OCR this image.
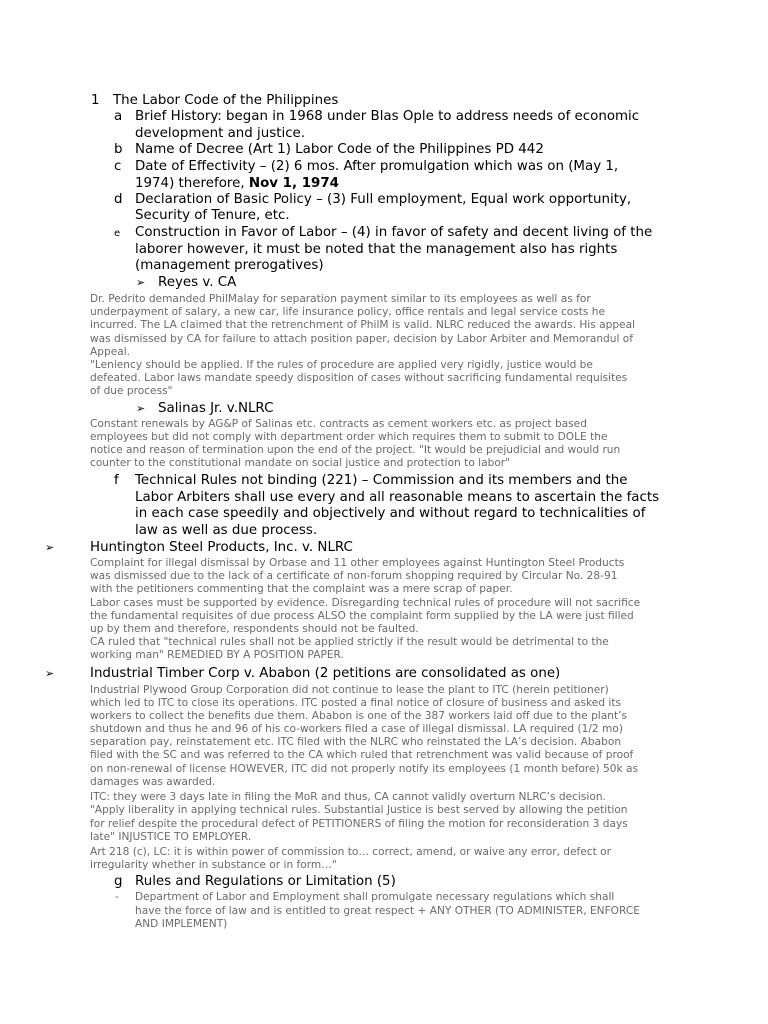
1 The Labor Code of the Philippines
a Brief History: began in 1968 under Blas Ople to address needs of economic
development and justice.
b Name of Decree (Art 1) Labor Code of the Philippines PD 442
c Date of Effectivity – (2) 6 mos. After promulgation which was on (May 1,
1974) therefore, Nov 1, 1974
d Declaration of Basic Policy – (3) Full employment, Equal work opportunity,
Security of Tenure, etc.
e Construction in Favor of Labor – (4) in favor of safety and decent living of the
laborer however, it must be noted that the management also has rights
(management prerogatives)
➢ Reyes v. CA
Dr. Pedrito demanded PhilMalay for separation payment similar to its employees as well as for
underpayment of salary, a new car, life insurance policy, office rentals and legal service costs he
incurred. The LA claimed that the retrenchment of PhilM is valid. NLRC reduced the awards. His appeal
was dismissed by CA for failure to attach position paper, decision by Labor Arbiter and Memorandul of
Appeal.
"Leniency should be applied. If the rules of procedure are applied very rigidly, justice would be
defeated. Labor laws mandate speedy disposition of cases without sacrificing fundamental requisites
of due process"
➢ Salinas Jr. v.NLRC
Constant renewals by AG&P of Salinas etc. contracts as cement workers etc. as project based
employees but did not comply with department order which requires them to submit to DOLE the
notice and reason of termination upon the end of the project. "It would be prejudicial and would run
counter to the constitutional mandate on social justice and protection to labor"
f Technical Rules not binding (221) – Commission and its members and the
Labor Arbiters shall use every and all reasonable means to ascertain the facts
in each case speedily and objectively and without regard to technicalities of
law as well as due process.
➢	Huntington Steel Products, Inc. v. NLRC
Complaint for illegal dismissal by Orbase and 11 other employees against Huntington Steel Products
was dismissed due to the lack of a certificate of non-forum shopping required by Circular No. 28-91
with the petitioners commenting that the complaint was a mere scrap of paper.
Labor cases must be supported by evidence. Disregarding technical rules of procedure will not sacrifice
the fundamental requisites of due process ALSO the complaint form supplied by the LA were just filled
up by them and therefore, respondents should not be faulted.
CA ruled that "technical rules shall not be applied strictly if the result would be detrimental to the
working man" REMEDIED BY A POSITION PAPER.
➢	Industrial Timber Corp v. Ababon (2 petitions are consolidated as one)
Industrial Plywood Group Corporation did not continue to lease the plant to ITC (herein petitioner)
which led to ITC to close its operations. ITC posted a final notice of closure of business and asked its
workers to collect the benefits due them. Ababon is one of the 387 workers laid off due to the plant’s
shutdown and thus he and 96 of his co-workers filed a case of illegal dismissal. LA required (1/2 mo)
separation pay, reinstatement etc. ITC filed with the NLRC who reinstated the LA’s decision. Ababon
filed with the SC and was referred to the CA which ruled that retrenchment was valid because of proof
on non-renewal of license HOWEVER, ITC did not properly notify its employees (1 month before) 50k as
damages was awarded.
ITC: they were 3 days late in filing the MoR and thus, CA cannot validly overturn NLRC’s decision.
"Apply liberality in applying technical rules. Substantial Justice is best served by allowing the petition
for relief despite the procedural defect of PETITIONERS of filing the motion for reconsideration 3 days
late" INJUSTICE TO EMPLOYER.
Art 218 (c), LC: it is within power of commission to… correct, amend, or waive any error, defect or
irregularity whether in substance or in form…"
g Rules and Regulations or Limitation (5)
- Department of Labor and Employment shall promulgate necessary regulations which shall
have the force of law and is entitled to great respect + ANY OTHER (TO ADMINISTER, ENFORCE
AND IMPLEMENT)
